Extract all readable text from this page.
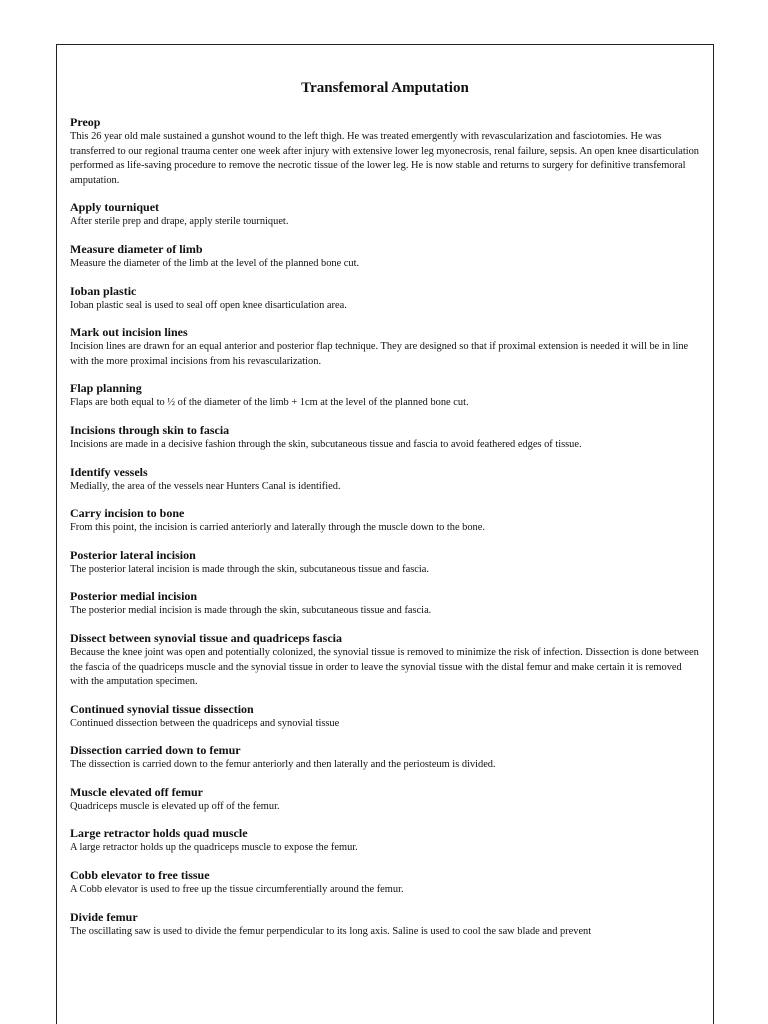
Transfemoral Amputation
Preop
This 26 year old male sustained a gunshot wound to the left thigh. He was treated emergently with revascularization and fasciotomies. He was transferred to our regional trauma center one week after injury with extensive lower leg myonecrosis, renal failure, sepsis. An open knee disarticulation performed as life-saving procedure to remove the necrotic tissue of the lower leg. He is now stable and returns to surgery for definitive transfemoral amputation.
Apply tourniquet
After sterile prep and drape, apply sterile tourniquet.
Measure diameter of limb
Measure the diameter of the limb at the level of the planned bone cut.
Ioban plastic
Ioban plastic seal is used to seal off open knee disarticulation area.
Mark out incision lines
Incision lines are drawn for an equal anterior and posterior flap technique. They are designed so that if proximal extension is needed it will be in line with the more proximal incisions from his revascularization.
Flap planning
Flaps are both equal to ½ of the diameter of the limb + 1cm at the level of the planned bone cut.
Incisions through skin to fascia
Incisions are made in a decisive fashion through the skin, subcutaneous tissue and fascia to avoid feathered edges of tissue.
Identify vessels
Medially, the area of the vessels near Hunters Canal is identified.
Carry incision to bone
From this point, the incision is carried anteriorly and laterally through the muscle down to the bone.
Posterior lateral incision
The posterior lateral incision is made through the skin, subcutaneous tissue and fascia.
Posterior medial incision
The posterior medial incision is made through the skin, subcutaneous tissue and fascia.
Dissect between synovial tissue and quadriceps fascia
Because the knee joint was open and potentially colonized, the synovial tissue is removed to minimize the risk of infection. Dissection is done between the fascia of the quadriceps muscle and the synovial tissue in order to leave the synovial tissue with the distal femur and make certain it is removed with the amputation specimen.
Continued synovial tissue dissection
Continued dissection between the quadriceps and synovial tissue
Dissection carried down to femur
The dissection is carried down to the femur anteriorly and then laterally and the periosteum is divided.
Muscle elevated off femur
Quadriceps muscle is elevated up off of the femur.
Large retractor holds quad muscle
A large retractor holds up the quadriceps muscle to expose the femur.
Cobb elevator to free tissue
A Cobb elevator is used to free up the tissue circumferentially around the femur.
Divide femur
The oscillating saw is used to divide the femur perpendicular to its long axis. Saline is used to cool the saw blade and prevent
